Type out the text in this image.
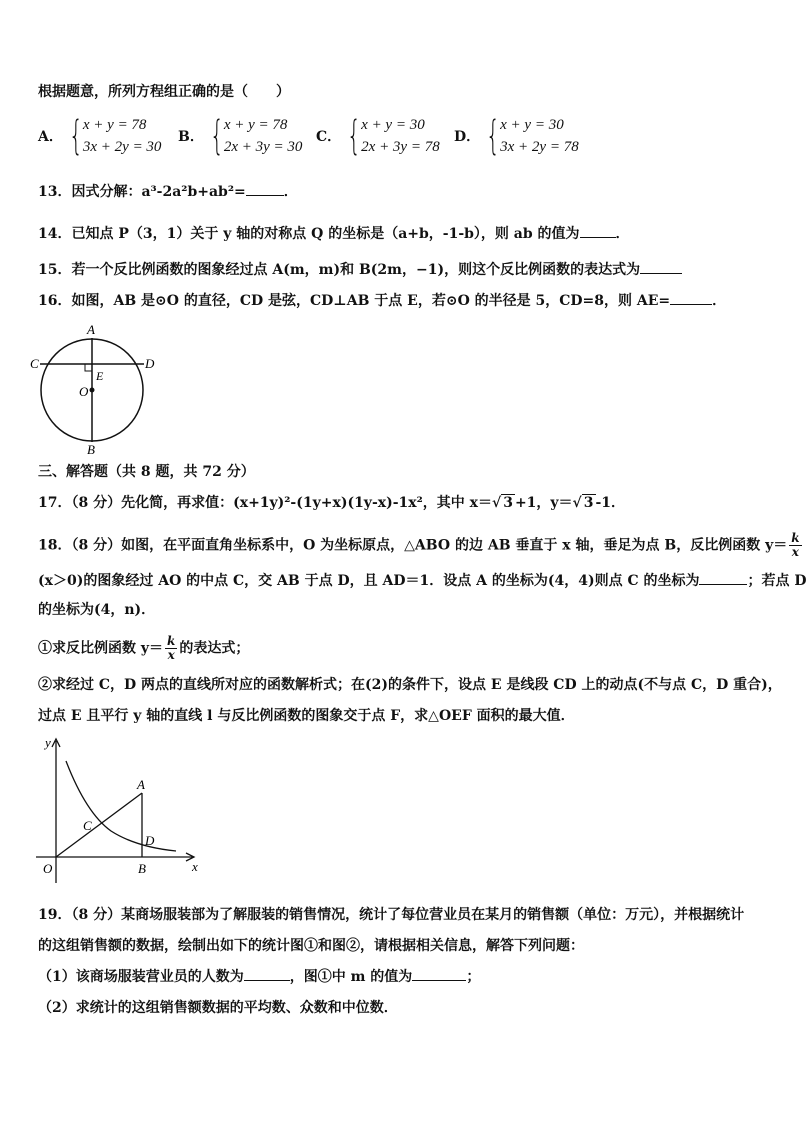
根据题意，所列方程组正确的是（　　）
A． { x + y = 78
3x + 2y = 30
B． { x + y = 78
2x + 3y = 30
C． { x + y = 30
2x + 3y = 78
D． { x + y = 30
3x + 2y = 78
13．因式分解：a³-2a²b+ab²=	．
14．已知点 P（3，1）关于 y 轴的对称点 Q 的坐标是（a+b，-1-b），则 ab 的值为	．
15．若一个反比例函数的图象经过点 A(m，m)和 B(2m，−1)，则这个反比例函数的表达式为
16．如图，AB 是⊙O 的直径，CD 是弦，CD⊥AB 于点 E，若⊙O 的半径是 5，CD=8，则 AE=	．
A
B
C	D
E
O
三、解答题（共 8 题，共 72 分）
17．（8 分）先化简，再求值：(x+1y)²-(1y+x)(1y-x)-1x²，其中 x＝√ 3 +1，y＝√ 3 -1．
18．（8 分）如图，在平面直角坐标系中，O 为坐标原点，△ABO 的边 AB 垂直于 x 轴，垂足为点 B，反比例函数 $y= \frac{k}{x}$
(x＞0)的图象经过 AO 的中点 C，交 AB 于点 D，且 AD＝1．设点 A 的坐标为(4，4)则点 C 的坐标为	；若点 D
的坐标为(4，n)．
①求反比例函数 $y= \frac{k}{x}$ 的表达式；
②求经过 C，D 两点的直线所对应的函数解析式；在(2)的条件下，设点 E 是线段 CD 上的动点(不与点 C，D 重合)，
过点 E 且平行 y 轴的直线 l 与反比例函数的图象交于点 F，求△OEF 面积的最大值．
y
x
O
A
B
C
D
19．（8 分）某商场服装部为了解服装的销售情况，统计了每位营业员在某月的销售额（单位：万元），并根据统计
的这组销售额的数据，绘制出如下的统计图①和图②，请根据相关信息，解答下列问题：
（1）该商场服装营业员的人数为	，图①中 m 的值为	；
（2）求统计的这组销售额数据的平均数、众数和中位数．
